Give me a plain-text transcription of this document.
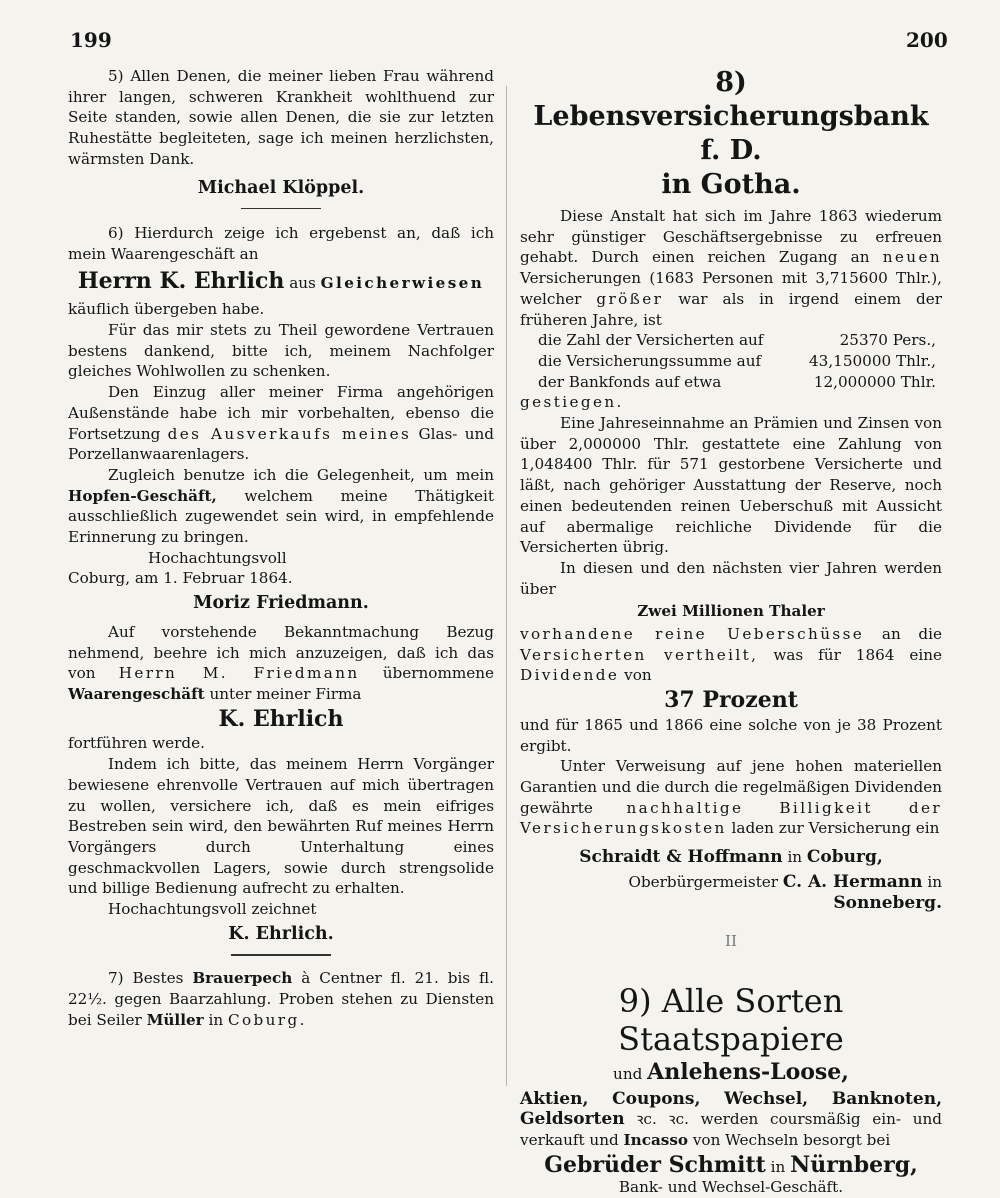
199	200

5) Allen Denen, die meiner lieben Frau während ihrer langen, schweren Krankheit wohlthuend zur Seite standen, sowie allen Denen, die sie zur letzten Ruhestätte begleiteten, sage ich meinen herzlichsten, wärmsten Dank.

Michael Klöppel.

6) Hierdurch zeige ich ergebenst an, daß ich mein Waarengeschäft an

Herrn K. Ehrlich aus Gleicherwiesen

käuflich übergeben habe.

Für das mir stets zu Theil gewordene Vertrauen bestens dankend, bitte ich, meinem Nachfolger gleiches Wohlwollen zu schenken.

Den Einzug aller meiner Firma angehörigen Außenstände habe ich mir vorbehalten, ebenso die Fortsetzung des Ausverkaufs meines Glas- und Porzellanwaarenlagers.

Zugleich benutze ich die Gelegenheit, um mein Hopfen-Geschäft, welchem meine Thätigkeit ausschließlich zugewendet sein wird, in empfehlende Erinnerung zu bringen.

Hochachtungsvoll

Coburg, am 1. Februar 1864.

Moriz Friedmann.

Auf vorstehende Bekanntmachung Bezug nehmend, beehre ich mich anzuzeigen, daß ich das von Herrn M. Friedmann übernommene Waarengeschäft unter meiner Firma

K. Ehrlich

fortführen werde.

Indem ich bitte, das meinem Herrn Vorgänger bewiesene ehrenvolle Vertrauen auf mich übertragen zu wollen, versichere ich, daß es mein eifriges Bestreben sein wird, den bewährten Ruf meines Herrn Vorgängers durch Unterhaltung eines geschmackvollen Lagers, sowie durch strengsolide und billige Bedienung aufrecht zu erhalten.

Hochachtungsvoll zeichnet

K. Ehrlich.

7) Bestes Brauerpech à Centner fl. 21. bis fl. 22½. gegen Baarzahlung. Proben stehen zu Diensten bei Seiler Müller in Coburg.

8) Lebensversicherungsbank f. D.

in Gotha.

Diese Anstalt hat sich im Jahre 1863 wiederum sehr günstiger Geschäftsergebnisse zu erfreuen gehabt. Durch einen reichen Zugang an neuen Versicherungen (1683 Personen mit 3,715600 Thlr.), welcher größer war als in irgend einem der früheren Jahre, ist

die Zahl der Versicherten auf	25370 Pers.,
die Versicherungssumme auf	43,150000 Thlr.,
der Bankfonds auf etwa	12,000000 Thlr.

gestiegen.

Eine Jahreseinnahme an Prämien und Zinsen von über 2,000000 Thlr. gestattete eine Zahlung von 1,048400 Thlr. für 571 gestorbene Versicherte und läßt, nach gehöriger Ausstattung der Reserve, noch einen bedeutenden reinen Ueberschuß mit Aussicht auf abermalige reichliche Dividende für die Versicherten übrig.

In diesen und den nächsten vier Jahren werden über

Zwei Millionen Thaler

vorhandene reine Ueberschüsse an die Versicherten vertheilt, was für 1864 eine Dividende von

37 Prozent

und für 1865 und 1866 eine solche von je 38 Prozent ergibt.

Unter Verweisung auf jene hohen materiellen Garantien und die durch die regelmäßigen Dividenden gewährte nachhaltige Billigkeit der Versicherungskosten laden zur Versicherung ein

Schraidt & Hoffmann in Coburg,

Oberbürgermeister C. A. Hermann in Sonneberg.

II

9) Alle Sorten Staatspapiere

und Anlehens-Loose,

Aktien, Coupons, Wechsel, Banknoten, Geldsorten ꝛc. ꝛc. werden coursmäßig ein- und verkauft und Incasso von Wechseln besorgt bei

Gebrüder Schmitt in Nürnberg,

Bank- und Wechsel-Geschäft.
